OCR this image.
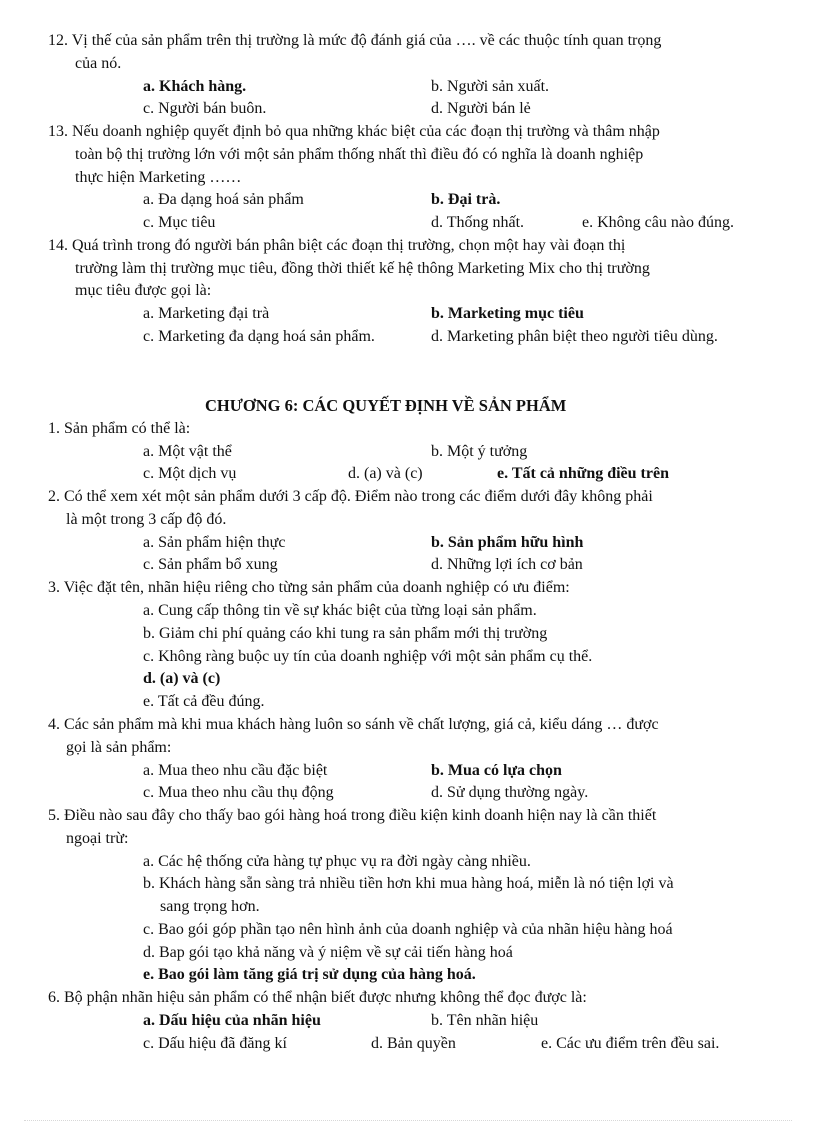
12. Vị thế của sản phẩm trên thị trường là mức độ đánh giá của …. về các thuộc tính quan trọng
của nó.
a. Khách hàng.	b. Người sản xuất.
c. Người bán buôn.	d. Người bán lẻ
13. Nếu doanh nghiệp quyết định bỏ qua những khác biệt của các đoạn thị trường và thâm nhập
toàn bộ thị trường lớn với một sản phẩm thống nhất thì điều đó có nghĩa là doanh nghiệp
thực hiện Marketing ……
a. Đa dạng hoá sản phẩm	b. Đại trà.
c. Mục tiêu	d. Thống nhất.	e. Không câu nào đúng.
14. Quá trình trong đó người bán phân biệt các đoạn thị trường, chọn một hay vài đoạn thị
trường làm thị trường mục tiêu, đồng thời thiết kế hệ thông Marketing Mix cho thị trường
mục tiêu được gọi là:
a. Marketing đại trà	b. Marketing mục tiêu
c. Marketing đa dạng hoá sản phẩm.	d. Marketing phân biệt theo người tiêu dùng.
CHƯƠNG 6: CÁC QUYẾT ĐỊNH VỀ SẢN PHẨM
1. Sản phẩm có thể là:
a. Một vật thể	b. Một ý tưởng
c. Một dịch vụ	d. (a) và (c)	e. Tất cả những điều trên
2. Có thể xem xét một sản phẩm dưới 3 cấp độ. Điểm nào trong các điểm dưới đây không phải
là một trong 3 cấp độ đó.
a. Sản phẩm hiện thực	b. Sản phẩm hữu hình
c. Sản phẩm bổ xung	d. Những lợi ích cơ bản
3. Việc đặt tên, nhãn hiệu riêng cho từng sản phẩm của doanh nghiệp có ưu điểm:
a. Cung cấp thông tin về sự khác biệt của từng loại sản phẩm.
b. Giảm chi phí quảng cáo khi tung ra sản phẩm mới thị trường
c. Không ràng buộc uy tín của doanh nghiệp với một sản phẩm cụ thể.
d. (a) và (c)
e. Tất cả đều đúng.
4. Các sản phẩm mà khi mua khách hàng luôn so sánh về chất lượng, giá cả, kiểu dáng … được
gọi là sản phẩm:
a. Mua theo nhu cầu đặc biệt	b. Mua có lựa chọn
c. Mua theo nhu cầu thụ động	d. Sử dụng thường ngày.
5. Điều nào sau đây cho thấy bao gói hàng hoá trong điều kiện kinh doanh hiện nay là cần thiết
ngoại trừ:
a. Các hệ thống cửa hàng tự phục vụ ra đời ngày càng nhiều.
b. Khách hàng sẵn sàng trả nhiều tiền hơn khi mua hàng hoá, miễn là nó tiện lợi và
sang trọng hơn.
c. Bao gói góp phần tạo nên hình ảnh của doanh nghiệp và của nhãn hiệu hàng hoá
d. Bap gói tạo khả năng và ý niệm về sự cải tiến hàng hoá
e. Bao gói làm tăng giá trị sử dụng của hàng hoá.
6. Bộ phận nhãn hiệu sản phẩm có thể nhận biết được nhưng không thể đọc được là:
a. Dấu hiệu của nhãn hiệu	b. Tên nhãn hiệu
c. Dấu hiệu đã đăng kí	d. Bản quyền	e. Các ưu điểm trên đều sai.
